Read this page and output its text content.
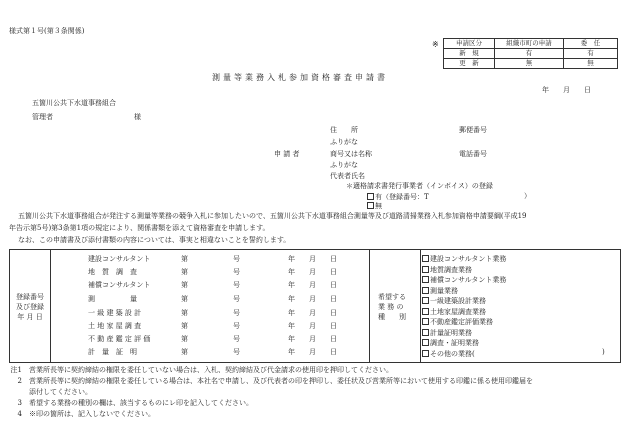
様式第１号(第３条関係)
※	申請区分	組織市町の申請	委　任
新　規	有	有
更　新	無	無
測量等業務入札参加資格審査申請書
年　　月　　日
五箇川公共下水道事務組合
管理者	様
住　　所	郵便番号
ふりがな
申 請 者	商号又は名称	電話番号
ふりがな
代表者氏名
＊適格請求書発行事業者（インボイス）の登録
有（登録番号：T	）
無
五箇川公共下水道事務組合が発注する測量等業務の競争入札に参加したいので、五箇川公共下水道事務組合測量等及び道路清掃業務入札参加資格申請要綱(平成19
年告示第5号)第3条第1項の規定により、関係書類を添えて資格審査を申請します。
なお、この申請書及び添付書類の内容については、事実と相違ないことを誓約します。
登録番号
及び登録
年 月 日
建設コンサルタント	第	号	年　　月　　日
地　質　調　査	第	号	年　　月　　日
補償コンサルタント	第	号	年　　月　　日
測　　　　　量	第	号	年　　月　　日
一 級 建 築 設 計	第	号	年　　月　　日
土 地 家 屋 調 査	第	号	年　　月　　日
不 動 産 鑑 定 評 価	第	号	年　　月　　日
計　量　証　明	第	号	年　　月　　日
希望する
業 務 の
種　　別
建設コンサルタント業務
地質調査業務
補償コンサルタント業務
測量業務
一級建築設計業務
土地家屋調査業務
不動産鑑定評価業務
計量証明業務
調査・証明業務
その他の業務(	)
注1　 営業所長等に契約締結の権限を委任していない場合は、入札、契約締結及び代金請求の使用印を押印してください。
2　 営業所長等に契約締結の権限を委任している場合は、本社名で申請し、及び代表者の印を押印し、委任状及び営業所等において使用する印鑑に係る使用印鑑届を
　添付してください。
3　 希望する業務の種別の欄は、該当するものにレ印を記入してください。
4　 ※印の箇所は、記入しないでください。
